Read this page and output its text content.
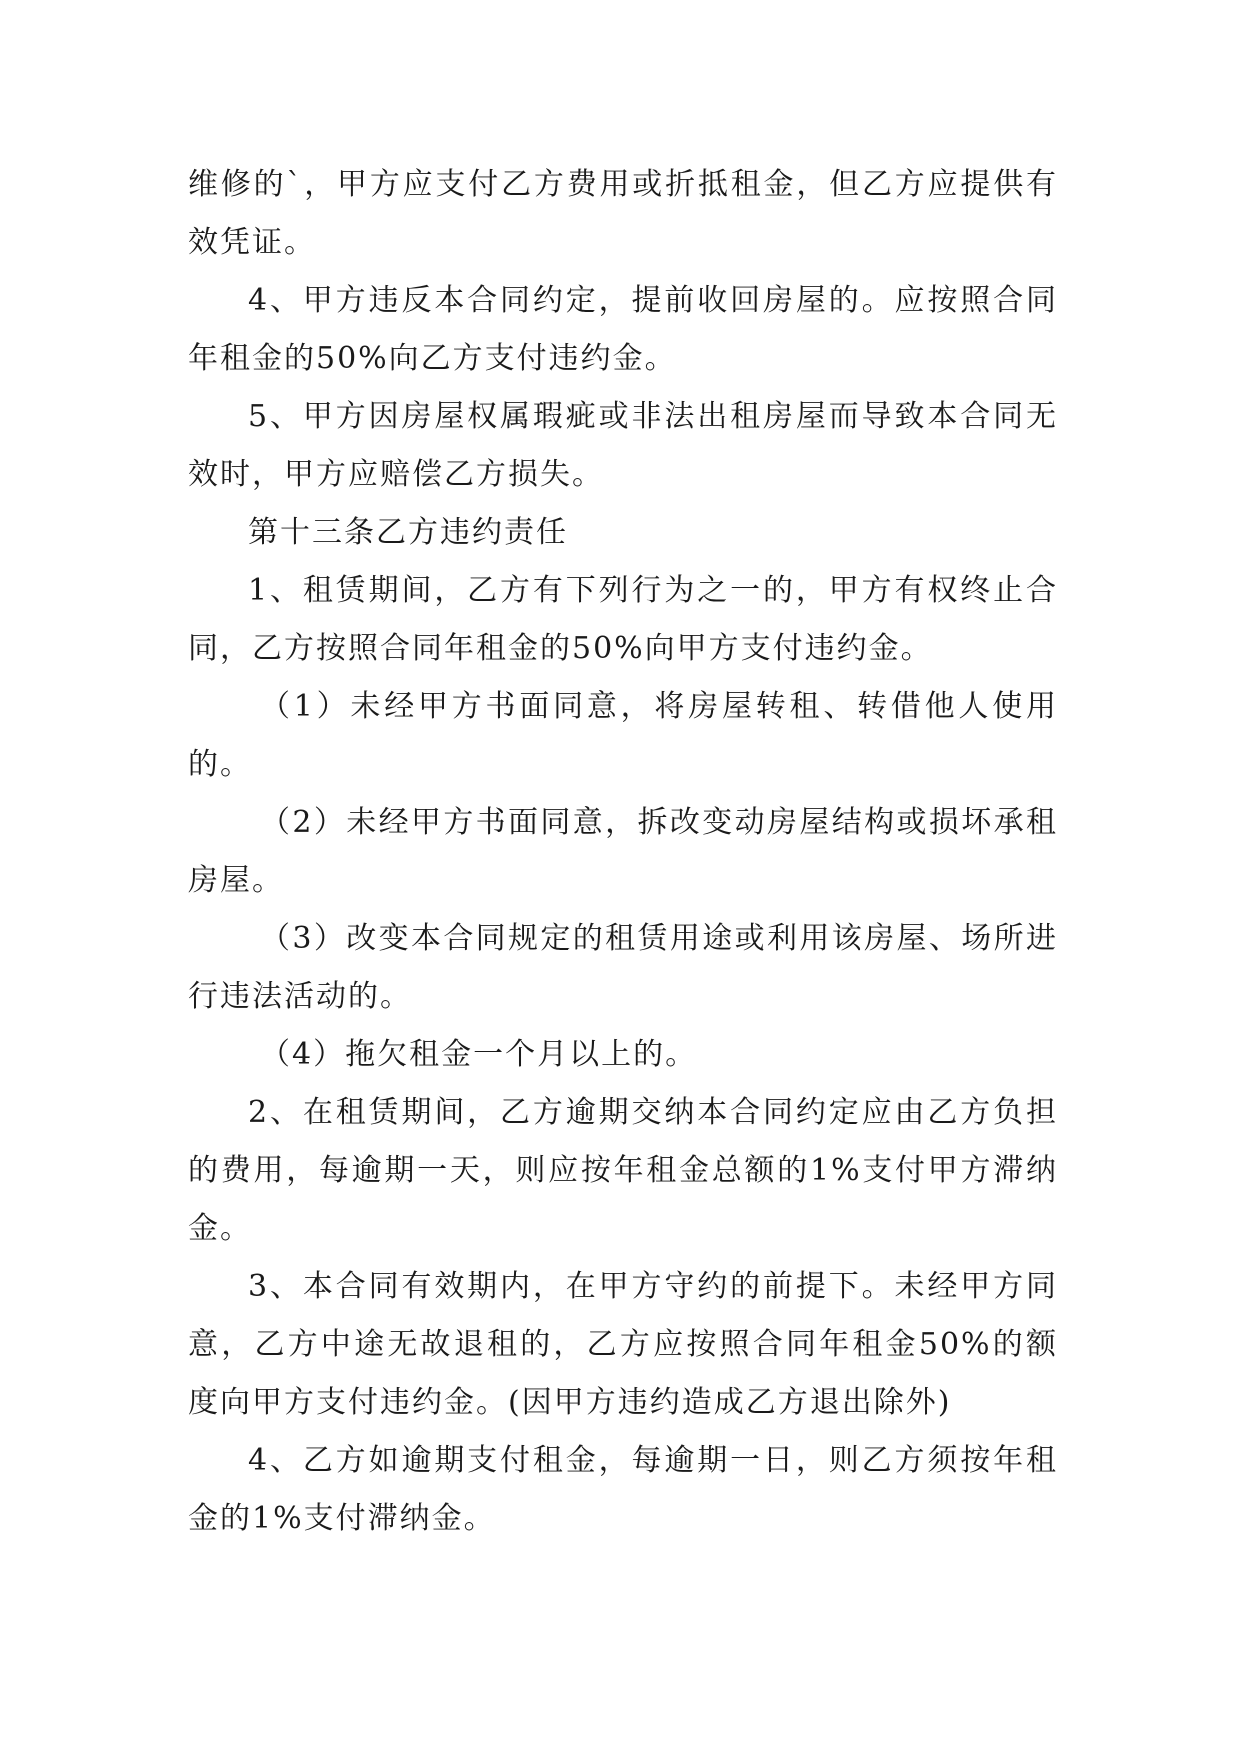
维修的`，甲方应支付乙方费用或折抵租金，但乙方应提供有效凭证。

4、甲方违反本合同约定，提前收回房屋的。应按照合同年租金的50%向乙方支付违约金。

5、甲方因房屋权属瑕疵或非法出租房屋而导致本合同无效时，甲方应赔偿乙方损失。

第十三条乙方违约责任

1、租赁期间，乙方有下列行为之一的，甲方有权终止合同，乙方按照合同年租金的50%向甲方支付违约金。

（1）未经甲方书面同意，将房屋转租、转借他人使用的。

（2）未经甲方书面同意，拆改变动房屋结构或损坏承租房屋。

（3）改变本合同规定的租赁用途或利用该房屋、场所进行违法活动的。

（4）拖欠租金一个月以上的。

2、在租赁期间，乙方逾期交纳本合同约定应由乙方负担的费用，每逾期一天，则应按年租金总额的1%支付甲方滞纳金。

3、本合同有效期内，在甲方守约的前提下。未经甲方同意，乙方中途无故退租的，乙方应按照合同年租金50%的额度向甲方支付违约金。(因甲方违约造成乙方退出除外)

4、乙方如逾期支付租金，每逾期一日，则乙方须按年租金的1%支付滞纳金。
